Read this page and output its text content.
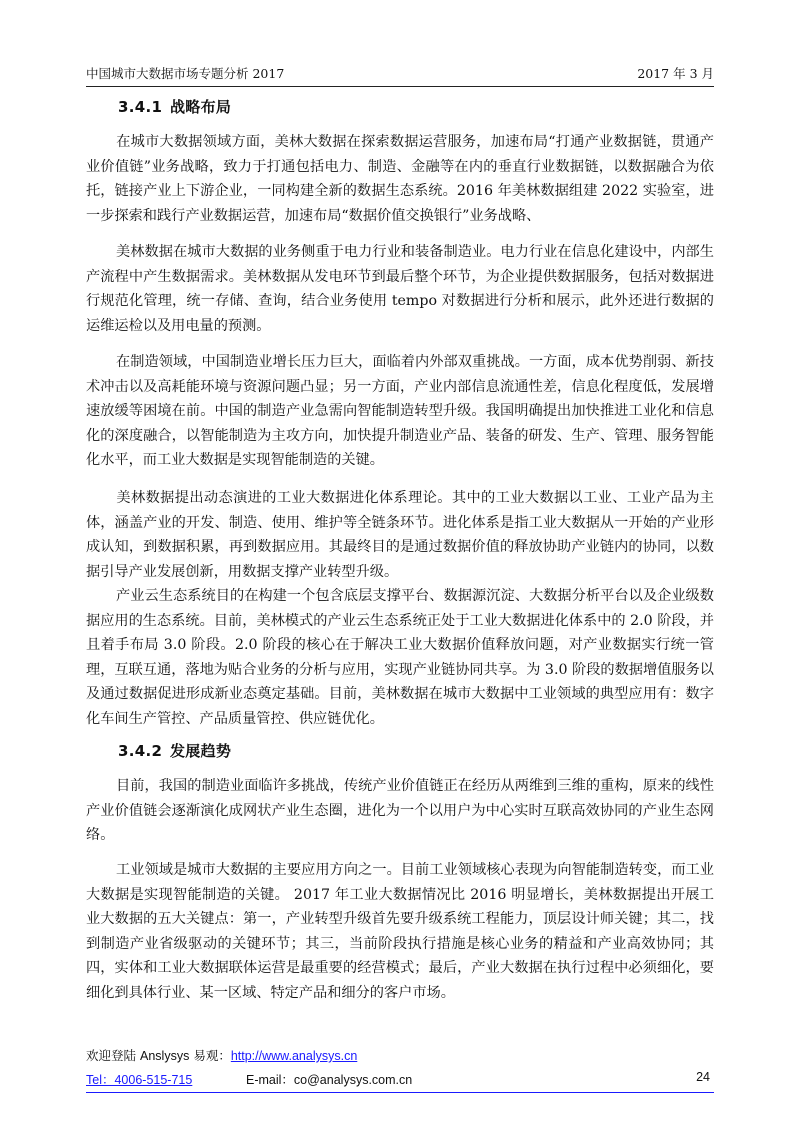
中国城市大数据市场专题分析 2017	2017 年 3 月
3.4.1 战略布局
在城市大数据领域方面，美林大数据在探索数据运营服务，加速布局“打通产业数据链，贯通产业价值链”业务战略，致力于打通包括电力、制造、金融等在内的垂直行业数据链，以数据融合为依托，链接产业上下游企业，一同构建全新的数据生态系统。2016 年美林数据组建 2022 实验室，进一步探索和践行产业数据运营，加速布局“数据价值交换银行”业务战略、
美林数据在城市大数据的业务侧重于电力行业和装备制造业。电力行业在信息化建设中，内部生产流程中产生数据需求。美林数据从发电环节到最后整个环节，为企业提供数据服务，包括对数据进行规范化管理，统一存储、查询，结合业务使用 tempo 对数据进行分析和展示，此外还进行数据的运维运检以及用电量的预测。
在制造领域，中国制造业增长压力巨大，面临着内外部双重挑战。一方面，成本优势削弱、新技术冲击以及高耗能环境与资源问题凸显；另一方面，产业内部信息流通性差，信息化程度低，发展增速放缓等困境在前。中国的制造产业急需向智能制造转型升级。我国明确提出加快推进工业化和信息化的深度融合，以智能制造为主攻方向，加快提升制造业产品、装备的研发、生产、管理、服务智能化水平，而工业大数据是实现智能制造的关键。
美林数据提出动态演进的工业大数据进化体系理论。其中的工业大数据以工业、工业产品为主体，涵盖产业的开发、制造、使用、维护等全链条环节。进化体系是指工业大数据从一开始的产业形成认知，到数据积累，再到数据应用。其最终目的是通过数据价值的释放协助产业链内的协同，以数据引导产业发展创新，用数据支撑产业转型升级。
产业云生态系统目的在构建一个包含底层支撑平台、数据源沉淀、大数据分析平台以及企业级数据应用的生态系统。目前，美林模式的产业云生态系统正处于工业大数据进化体系中的 2.0 阶段，并且着手布局 3.0 阶段。2.0 阶段的核心在于解决工业大数据价值释放问题，对产业数据实行统一管理，互联互通，落地为贴合业务的分析与应用，实现产业链协同共享。为 3.0 阶段的数据增值服务以及通过数据促进形成新业态奠定基础。目前，美林数据在城市大数据中工业领域的典型应用有：数字化车间生产管控、产品质量管控、供应链优化。
3.4.2 发展趋势
目前，我国的制造业面临许多挑战，传统产业价值链正在经历从两维到三维的重构，原来的线性产业价值链会逐渐演化成网状产业生态圈，进化为一个以用户为中心实时互联高效协同的产业生态网络。
工业领域是城市大数据的主要应用方向之一。目前工业领域核心表现为向智能制造转变，而工业大数据是实现智能制造的关键。 2017 年工业大数据情况比 2016 明显增长，美林数据提出开展工业大数据的五大关键点：第一，产业转型升级首先要升级系统工程能力，顶层设计师关键；其二，找到制造产业省级驱动的关键环节；其三，当前阶段执行措施是核心业务的精益和产业高效协同；其四，实体和工业大数据联体运营是最重要的经营模式；最后，产业大数据在执行过程中必须细化，要细化到具体行业、某一区域、特定产品和细分的客户市场。
欢迎登陆 Anslysys 易观：http://www.analysys.cn
Tel：4006-515-715	E-mail：co@analysys.com.cn	24
